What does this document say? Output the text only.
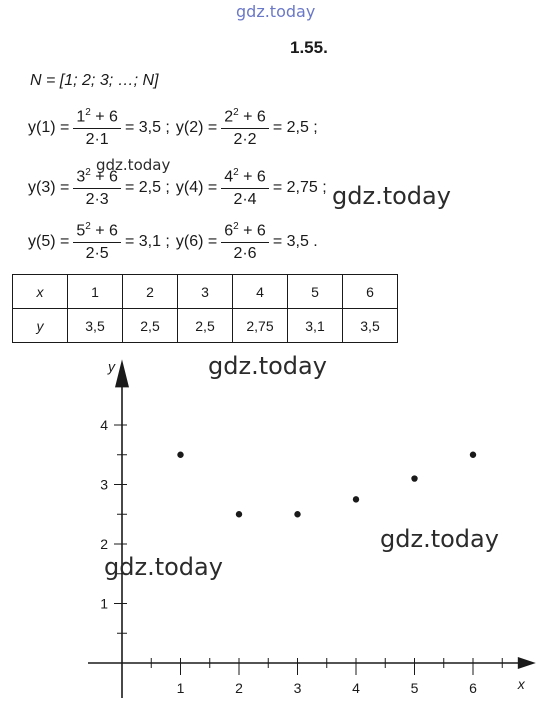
gdz.today
1.55.
N = [1; 2; 3; …; N]
$y(1) = \frac{1^2 + 6}{2\cdot 1} = 3,5$ ; $y(2) = \frac{2^2 + 6}{2\cdot 2} = 2,5$ ;
gdz.today
$y(3) = \frac{3^2 + 6}{2\cdot 3} = 2,5$ ; $y(4) = \frac{4^2 + 6}{2\cdot 4} = 2,75$ ; gdz.today
$y(5) = \frac{5^2 + 6}{2\cdot 5} = 3,1$ ; $y(6) = \frac{6^2 + 6}{2\cdot 6} = 3,5$ .
x	1	2	3	4	5	6
y	3,5	2,5	2,5	2,75	3,1	3,5
gdz.today
1	2	3	4	5	6
1
2
3
4
x
y
gdz.today
gdz.today
